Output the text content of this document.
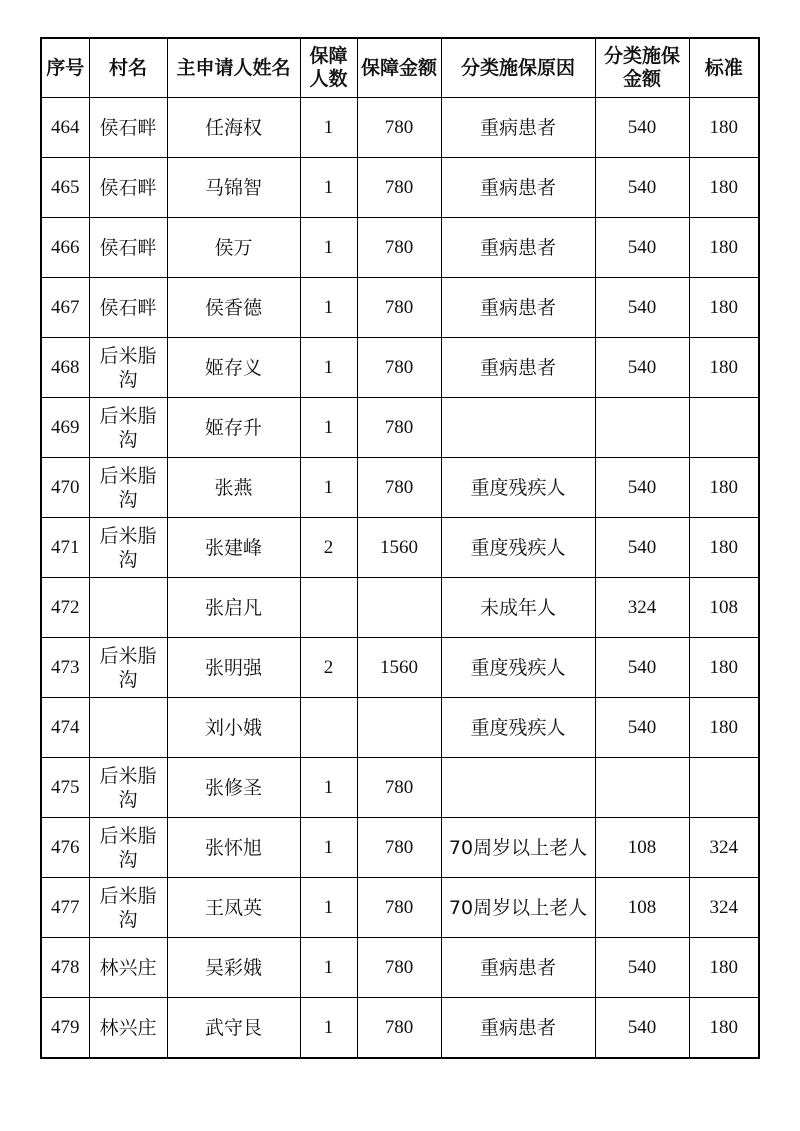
序号	村名	主申请人姓名	保障人数	保障金额	分类施保原因	分类施保金额	标准
464	侯石畔	任海权	1	780	重病患者	540	180
465	侯石畔	马锦智	1	780	重病患者	540	180
466	侯石畔	侯万	1	780	重病患者	540	180
467	侯石畔	侯香德	1	780	重病患者	540	180
468	后米脂沟	姬存义	1	780	重病患者	540	180
469	后米脂沟	姬存升	1	780			
470	后米脂沟	张燕	1	780	重度残疾人	540	180
471	后米脂沟	张建峰	2	1560	重度残疾人	540	180
472		张启凡			未成年人	324	108
473	后米脂沟	张明强	2	1560	重度残疾人	540	180
474		刘小娥			重度残疾人	540	180
475	后米脂沟	张修圣	1	780			
476	后米脂沟	张怀旭	1	780	70周岁以上老人	108	324
477	后米脂沟	王凤英	1	780	70周岁以上老人	108	324
478	林兴庄	吴彩娥	1	780	重病患者	540	180
479	林兴庄	武守艮	1	780	重病患者	540	180
